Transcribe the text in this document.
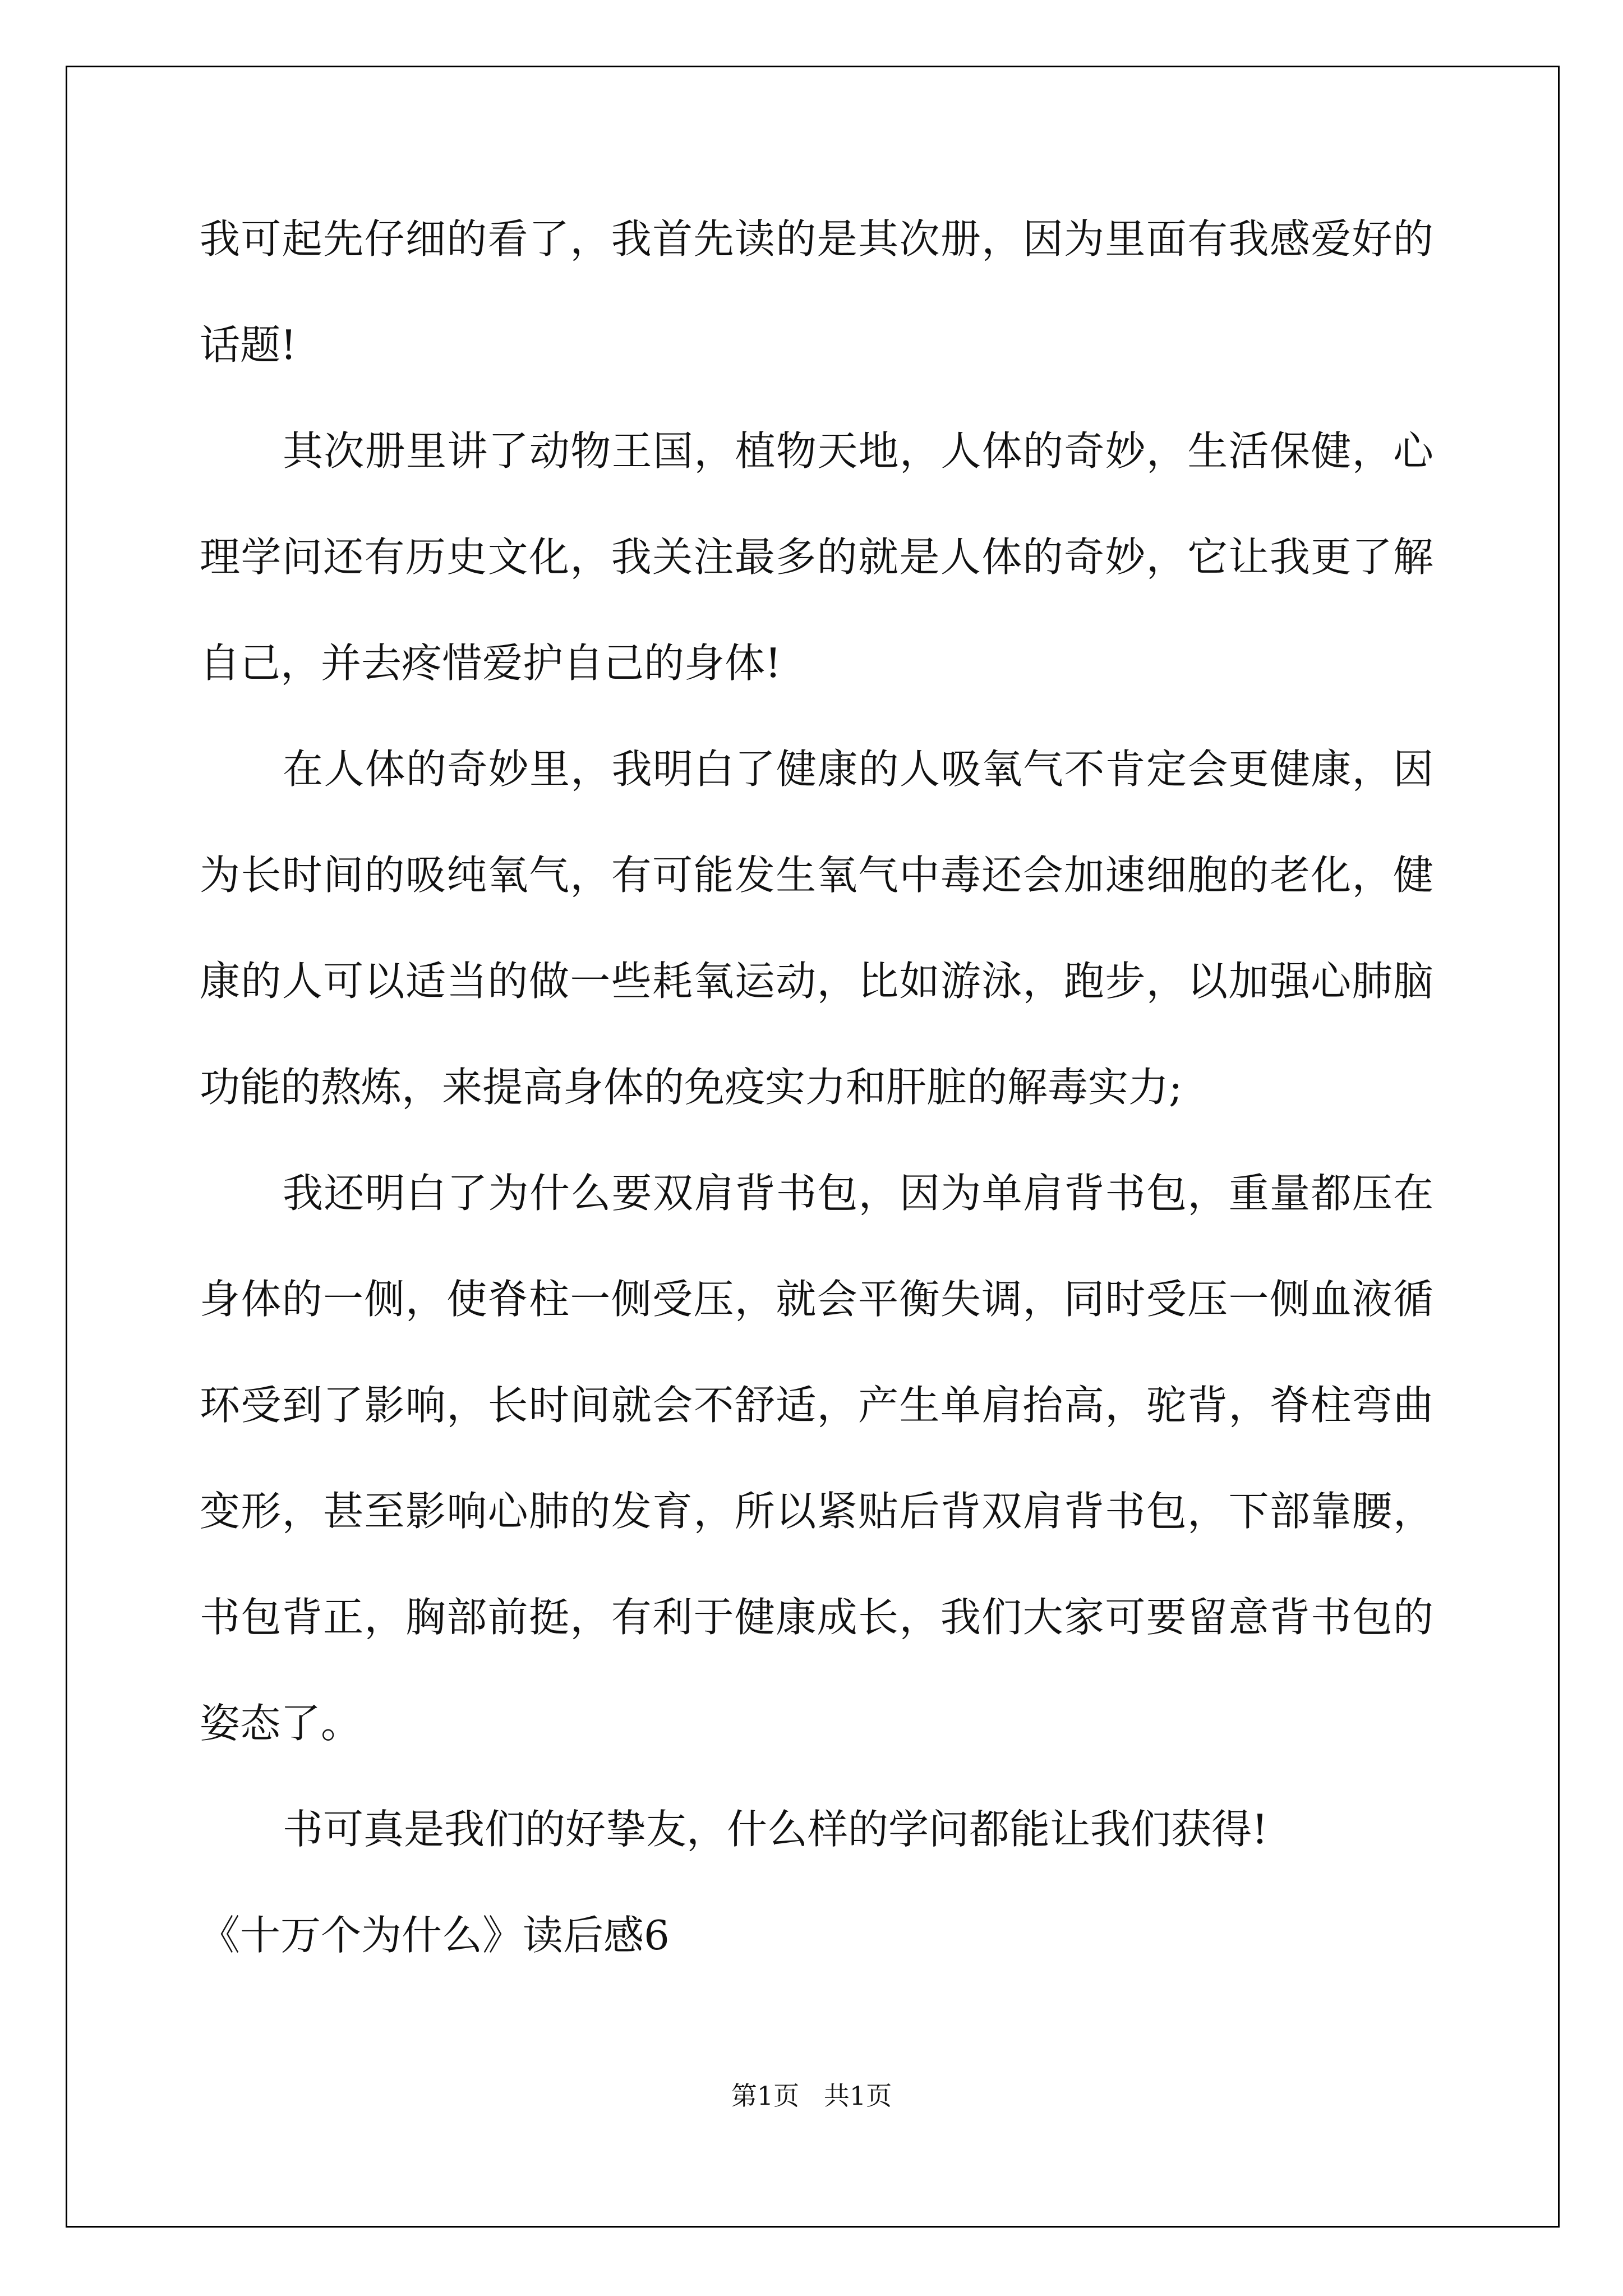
我可起先仔细的看了，我首先读的是其次册，因为里面有我感爱好的话题!

其次册里讲了动物王国，植物天地，人体的奇妙，生活保健，心理学问还有历史文化，我关注最多的就是人体的奇妙，它让我更了解自己，并去疼惜爱护自己的身体!

在人体的奇妙里，我明白了健康的人吸氧气不肯定会更健康，因为长时间的吸纯氧气，有可能发生氧气中毒还会加速细胞的老化，健康的人可以适当的做一些耗氧运动，比如游泳，跑步，以加强心肺脑功能的熬炼，来提高身体的免疫实力和肝脏的解毒实力;

我还明白了为什么要双肩背书包，因为单肩背书包，重量都压在身体的一侧，使脊柱一侧受压，就会平衡失调，同时受压一侧血液循环受到了影响，长时间就会不舒适，产生单肩抬高，驼背，脊柱弯曲变形，甚至影响心肺的发育，所以紧贴后背双肩背书包，下部靠腰，书包背正，胸部前挺，有利于健康成长，我们大家可要留意背书包的姿态了。

书可真是我们的好挚友，什么样的学问都能让我们获得!

《十万个为什么》读后感6

第1页   共1页
